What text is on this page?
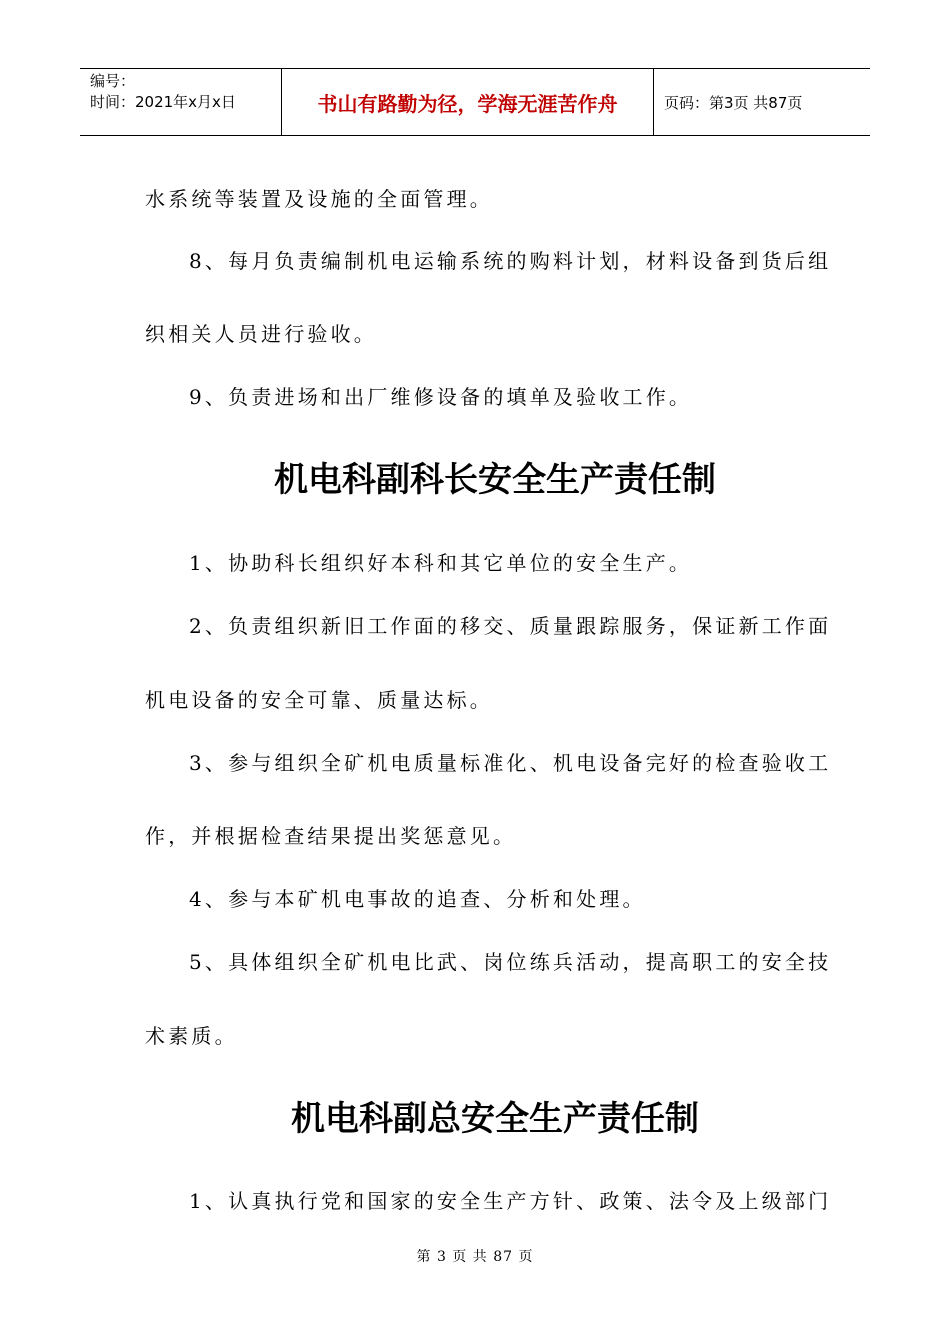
编号：
时间：2021年x月x日	书山有路勤为径，学海无涯苦作舟	页码：第3页 共87页
水系统等装置及设施的全面管理。
8、每月负责编制机电运输系统的购料计划，材料设备到货后组
织相关人员进行验收。
9、负责进场和出厂维修设备的填单及验收工作。
机电科副科长安全生产责任制
1、协助科长组织好本科和其它单位的安全生产。
2、负责组织新旧工作面的移交、质量跟踪服务，保证新工作面
机电设备的安全可靠、质量达标。
3、参与组织全矿机电质量标准化、机电设备完好的检查验收工
作，并根据检查结果提出奖惩意见。
4、参与本矿机电事故的追查、分析和处理。
5、具体组织全矿机电比武、岗位练兵活动，提高职工的安全技
术素质。
机电科副总安全生产责任制
1、认真执行党和国家的安全生产方针、政策、法令及上级部门
第 3 页 共 87 页
